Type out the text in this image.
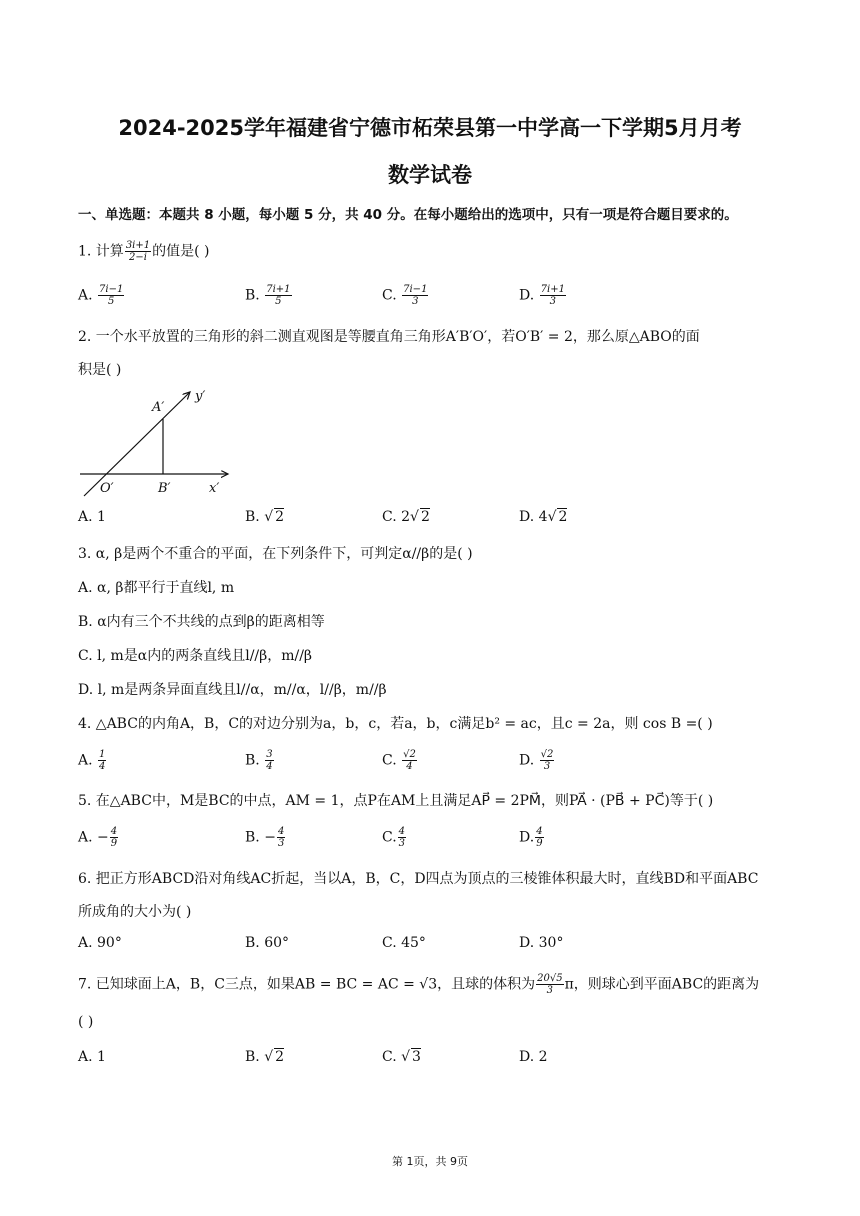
2024-2025学年福建省宁德市柘荣县第一中学高一下学期5月月考
数学试卷
一、单选题：本题共 8 小题，每小题 5 分，共 40 分。在每小题给出的选项中，只有一项是符合题目要求的。
1. 计算 $\frac{3i+1}{2-i}$ 的值是( )
A. $\frac{7i-1}{5}$	B. $\frac{7i+1}{5}$	C. $\frac{7i-1}{3}$	D. $\frac{7i+1}{3}$
2. 一个水平放置的三角形的斜二测直观图是等腰直角三角形A′B′O′，若O′B′ = 2，那么原△ABO的面
积是( )
A′
y′
O′	B′	x′
A. 1	B. √ 2	C. 2√ 2	D. 4√ 2
3. α, β是两个不重合的平面，在下列条件下，可判定α//β的是( )
A. α, β都平行于直线l, m
B. α内有三个不共线的点到β的距离相等
C. l, m是α内的两条直线且l//β，m//β
D. l, m是两条异面直线且l//α，m//α，l//β，m//β
4. △ABC的内角A，B，C的对边分别为a，b，c，若a，b，c满足b² = ac，且c = 2a，则 cos B =( )
A. $\frac{1}{4}$	B. $\frac{3}{4}$	C. $\frac{√2}{4}$	D. $\frac{√2}{3}$
5. 在△ABC中，M是BC的中点，AM = 1，点P在AM上且满足AP⃗ = 2PM⃗，则PA⃗ · (PB⃗ + PC⃗)等于( )
A. − $\frac{4}{9}$	B. − $\frac{4}{3}$	C. $\frac{4}{3}$	D. $\frac{4}{9}$
6. 把正方形ABCD沿对角线AC折起，当以A，B，C，D四点为顶点的三棱锥体积最大时，直线BD和平面ABC
所成角的大小为( )
A. 90°	B. 60°	C. 45°	D. 30°
7. 已知球面上A，B，C三点，如果AB = BC = AC = √3，且球的体积为 $\frac{20√5}{3}$ π，则球心到平面ABC的距离为
( )
A. 1	B. √ 2	C. √ 3	D. 2
第 1页，共 9页
